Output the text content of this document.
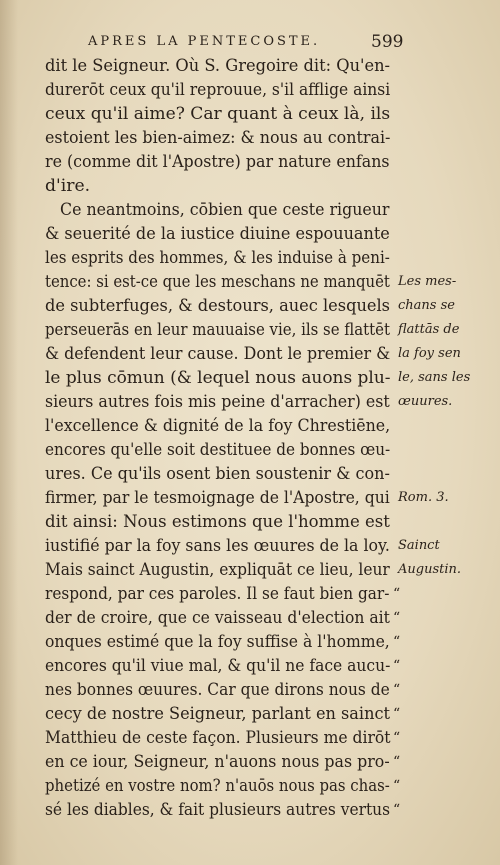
APRES LA PENTECOSTE.	599
dit le Seigneur. Où S. Gregoire dit: Qu'en-
durerōt ceux qu'il reprouue, s'il afflige ainsi
ceux qu'il aime? Car quant à ceux là, ils
estoient les bien-aimez: & nous au contrai-
re (comme dit l'Apostre) par nature enfans
d'ire.
Ce neantmoins, cōbien que ceste rigueur
& seuerité de la iustice diuine espouuante
les esprits des hommes, & les induise à peni-
tence: si est-ce que les meschans ne manquēt
de subterfuges, & destours, auec lesquels
perseuerās en leur mauuaise vie, ils se flattēt
& defendent leur cause. Dont le premier &
le plus cōmun (& lequel nous auons plu-
sieurs autres fois mis peine d'arracher) est
l'excellence & dignité de la foy Chrestiēne,
encores qu'elle soit destituee de bonnes œu-
ures. Ce qu'ils osent bien soustenir & con-
firmer, par le tesmoignage de l'Apostre, qui
dit ainsi: Nous estimons que l'homme est
iustifié par la foy sans les œuures de la loy.
Mais sainct Augustin, expliquāt ce lieu, leur
respond, par ces paroles. Il se faut bien gar-
der de croire, que ce vaisseau d'election ait
onques estimé que la foy suffise à l'homme,
encores qu'il viue mal, & qu'il ne face aucu-
nes bonnes œuures. Car que dirons nous de
cecy de nostre Seigneur, parlant en sainct
Matthieu de ceste façon. Plusieurs me dirōt
en ce iour, Seigneur, n'auons nous pas pro-
phetizé en vostre nom? n'auōs nous pas chas-
sé les diables, & fait plusieurs autres vertus
Les mes-
chans se
flattās de
la foy sen
le, sans les
œuures.
Rom. 3.
Sainct
Augustin.
“
“
“
“
“
“
“
“
“
“
